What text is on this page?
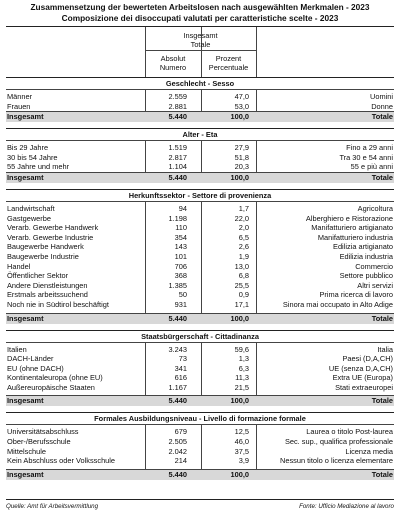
Zusammensetzung der bewerteten Arbeitslosen nach ausgewählten Merkmalen - 2023
Composizione dei disoccupati valutati per caratteristiche scelte - 2023
Insgesamt
Totale
Absolut
Numero
Prozent
Percentuale
Geschlecht - Sesso
Männer	2.559	47,0	Uomini
Frauen	2.881	53,0	Donne
Insgesamt	5.440	100,0	Totale
Alter - Eta
Bis 29 Jahre	1.519	27,9	Fino a 29 anni
30 bis 54 Jahre	2.817	51,8	Tra 30 e 54 anni
55 Jahre und mehr	1.104	20,3	55 e più anni
Insgesamt	5.440	100,0	Totale
Herkunftssektor - Settore di provenienza
Landwirtschaft	94	1,7	Agricoltura
Gastgewerbe	1.198	22,0	Alberghiero e Ristorazione
Verarb. Gewerbe Handwerk	110	2,0	Manifatturiero artigianato
Verarb. Gewerbe Industrie	354	6,5	Manifatturiero industria
Baugewerbe Handwerk	143	2,6	Edilizia artigianato
Baugewerbe Industrie	101	1,9	Edilizia industria
Handel	706	13,0	Commercio
Öffentlicher Sektor	368	6,8	Settore pubblico
Andere Dienstleistungen	1.385	25,5	Altri servizi
Erstmals arbeitssuchend	50	0,9	Prima ricerca di lavoro
Noch nie in Südtirol beschäftigt	931	17,1	Sinora mai occupato in Alto Adige
Insgesamt	5.440	100,0	Totale
Staatsbürgerschaft - Cittadinanza
Italien	3.243	59,6	Italia
DACH-Länder	73	1,3	Paesi (D,A,CH)
EU (ohne DACH)	341	6,3	UE (senza D,A,CH)
Kontinentaleuropa (ohne EU)	616	11,3	Extra UE (Europa)
Außereuropäische Staaten	1.167	21,5	Stati extraeuropei
Insgesamt	5.440	100,0	Totale
Formales Ausbildungsniveau - Livello di formazione formale
Universitätsabschluss	679	12,5	Laurea o titolo Post-laurea
Ober-/Berufsschule	2.505	46,0	Sec. sup., qualifica professionale
Mittelschule	2.042	37,5	Licenza media
Kein Abschluss oder Volksschule	214	3,9	Nessun titolo o licenza elementare
Insgesamt	5.440	100,0	Totale
Quelle: Amt für Arbeitsvermittlung	Fonte: Ufficio Mediazione al lavoro
